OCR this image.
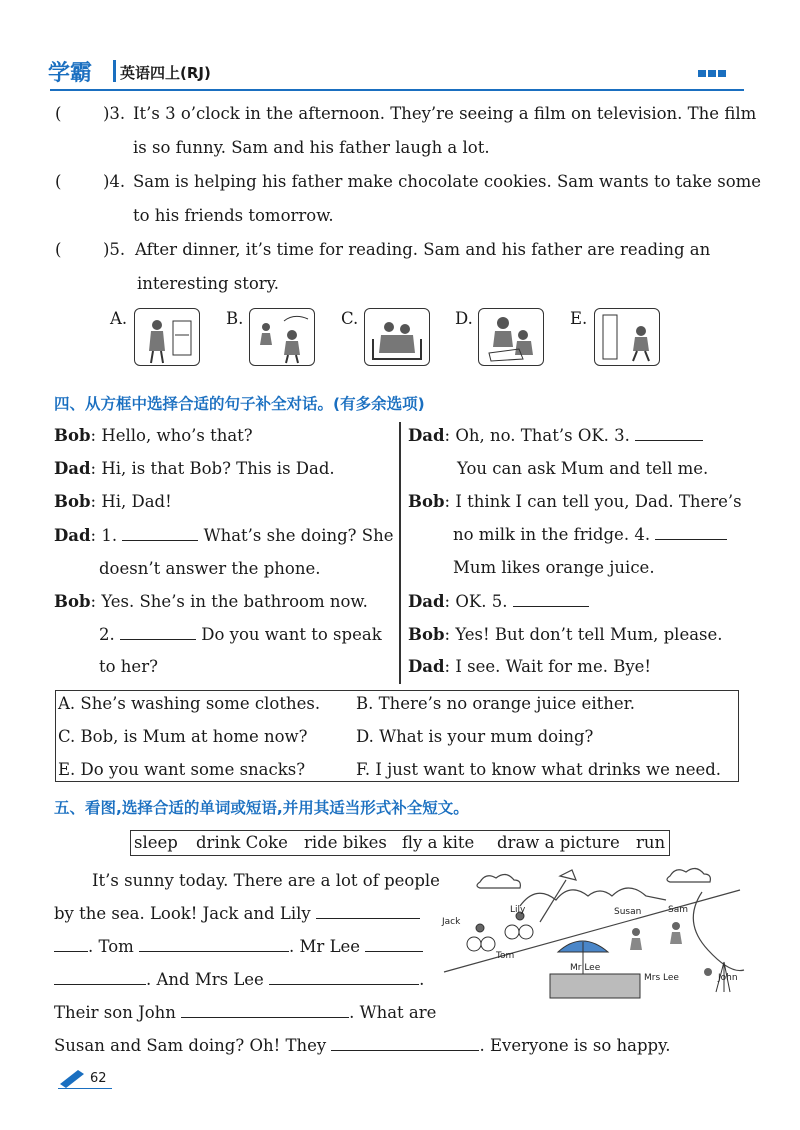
学霸 英语四上(RJ)
(	)3. It’s 3 o’clock in the afternoon. They’re seeing a film on television. The film
is so funny. Sam and his father laugh a lot.
(	)4. Sam is helping his father make chocolate cookies. Sam wants to take some
to his friends tomorrow.
(	)5. After dinner, it’s time for reading. Sam and his father are reading an
interesting story.
A.	B.	C.	D.	E.
四、从方框中选择合适的句子补全对话。(有多余选项)
Bob: Hello, who’s that?
Dad: Hi, is that Bob? This is Dad.
Bob: Hi, Dad!
Dad: 1.	What’s she doing? She
doesn’t answer the phone.
Bob: Yes. She’s in the bathroom now.
2.	Do you want to speak
to her?
Dad: Oh, no. That’s OK. 3.
You can ask Mum and tell me.
Bob: I think I can tell you, Dad. There’s
no milk in the fridge. 4.
Mum likes orange juice.
Dad: OK. 5.
Bob: Yes! But don’t tell Mum, please.
Dad: I see. Wait for me. Bye!
A. She’s washing some clothes. B. There’s no orange juice either.
C. Bob, is Mum at home now?	D. What is your mum doing?
E. Do you want some snacks?	F. I just want to know what drinks we need.
五、看图,选择合适的单词或短语,并用其适当形式补全短文。
sleep drink Coke ride bikes fly a kite draw a picture run
It’s sunny today. There are a lot of people
by the sea. Look! Jack and Lily
. Tom	. Mr Lee
. And Mrs Lee	.
Their son John	. What are
Susan and Sam doing? Oh! They	. Everyone is so happy.
Jack
Lily	Susan	Sam
Tom
Mr Lee
Mrs Lee	John
62
